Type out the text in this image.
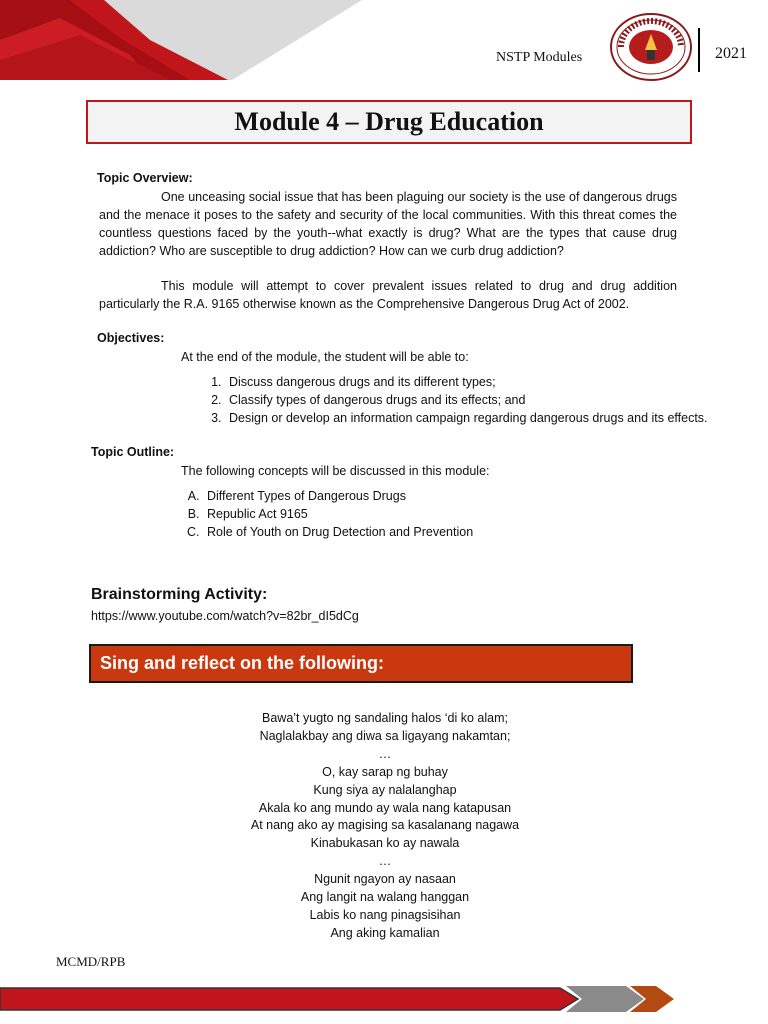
NSTP Modules	2021
Module 4 – Drug Education
Topic Overview:
One unceasing social issue that has been plaguing our society is the use of dangerous drugs and the menace it poses to the safety and security of the local communities. With this threat comes the countless questions faced by the youth--what exactly is drug? What are the types that cause drug addiction? Who are susceptible to drug addiction? How can we curb drug addiction?
This module will attempt to cover prevalent issues related to drug and drug addition particularly the R.A. 9165 otherwise known as the Comprehensive Dangerous Drug Act of 2002.
Objectives:
At the end of the module, the student will be able to:
1. Discuss dangerous drugs and its different types;
2. Classify types of dangerous drugs and its effects; and
3. Design or develop an information campaign regarding dangerous drugs and its effects.
Topic Outline:
The following concepts will be discussed in this module:
A. Different Types of Dangerous Drugs
B. Republic Act 9165
C. Role of Youth on Drug Detection and Prevention
Brainstorming Activity:
https://www.youtube.com/watch?v=82br_dI5dCg
Sing and reflect on the following:
Bawa’t yugto ng sandaling halos ‘di ko alam;
Naglalakbay ang diwa sa ligayang nakamtan;
…
O, kay sarap ng buhay
Kung siya ay nalalanghap
Akala ko ang mundo ay wala nang katapusan
At nang ako ay magising sa kasalanang nagawa
Kinabukasan ko ay nawala
…
Ngunit ngayon ay nasaan
Ang langit na walang hanggan
Labis ko nang pinagsisihan
Ang aking kamalian
MCMD/RPB
